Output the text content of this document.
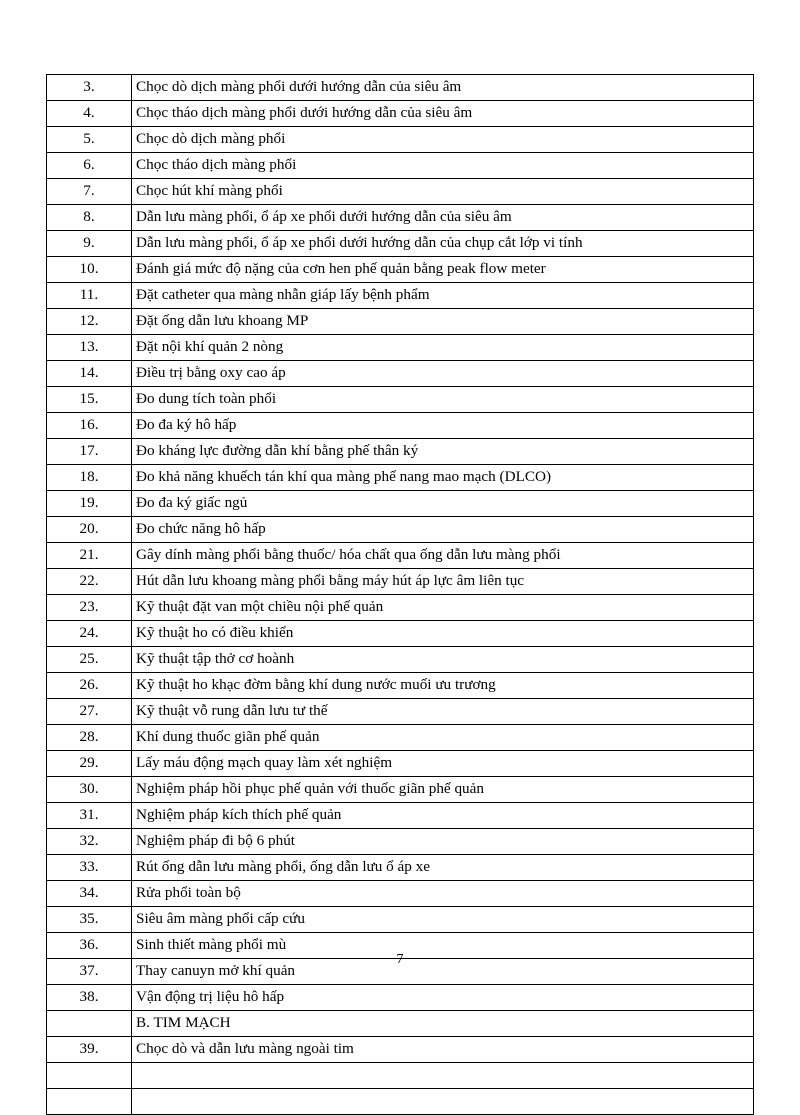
3.	Chọc dò dịch màng phổi dưới hướng dẫn của siêu âm
4.	Chọc tháo dịch màng phổi dưới hướng dẫn của siêu âm
5.	Chọc dò dịch màng phổi
6.	Chọc tháo dịch màng phổi
7.	Chọc hút khí màng phổi
8.	Dẫn lưu màng phổi, ổ áp xe phổi dưới hướng dẫn của siêu âm
9.	Dẫn lưu màng phổi, ổ áp xe phổi dưới hướng dẫn của chụp cắt lớp vi tính
10.	Đánh giá mức độ nặng của cơn hen phế quản bằng peak flow meter
11.	Đặt catheter qua màng nhẫn giáp lấy bệnh phẩm
12.	Đặt ống dẫn lưu khoang MP
13.	Đặt nội khí quản 2 nòng
14.	Điều trị bằng oxy cao áp
15.	Đo dung tích toàn phổi
16.	Đo đa ký hô hấp
17.	Đo kháng lực đường dẫn khí bằng phế thân ký
18.	Đo khả năng khuếch tán khí qua màng phế nang mao mạch (DLCO)
19.	Đo đa ký giấc ngủ
20.	Đo chức năng hô hấp
21.	Gây dính màng phổi bằng thuốc/ hóa chất qua ống dẫn lưu màng phổi
22.	Hút dẫn lưu khoang màng phổi bằng máy hút áp lực âm liên tục
23.	Kỹ thuật đặt van một chiều nội phế quản
24.	Kỹ thuật ho có điều khiển
25.	Kỹ thuật tập thở cơ hoành
26.	Kỹ thuật ho khạc đờm bằng khí dung nước muối ưu trương
27.	Kỹ thuật vỗ rung dẫn lưu tư thế
28.	Khí dung thuốc giãn phế quản
29.	Lấy máu động mạch quay làm xét nghiệm
30.	Nghiệm pháp hồi phục phế quản với thuốc giãn phế quản
31.	Nghiệm pháp kích thích phế quản
32.	Nghiệm pháp đi bộ 6 phút
33.	Rút ống dẫn lưu màng phổi, ống dẫn lưu ổ áp xe
34.	Rửa phổi toàn bộ
35.	Siêu âm màng phổi cấp cứu
36.	Sinh thiết màng phổi mù
37.	Thay canuyn mở khí quản
38.	Vận động trị liệu hô hấp
	B. TIM MẠCH
39.	Chọc dò và dẫn lưu màng ngoài tim

7
